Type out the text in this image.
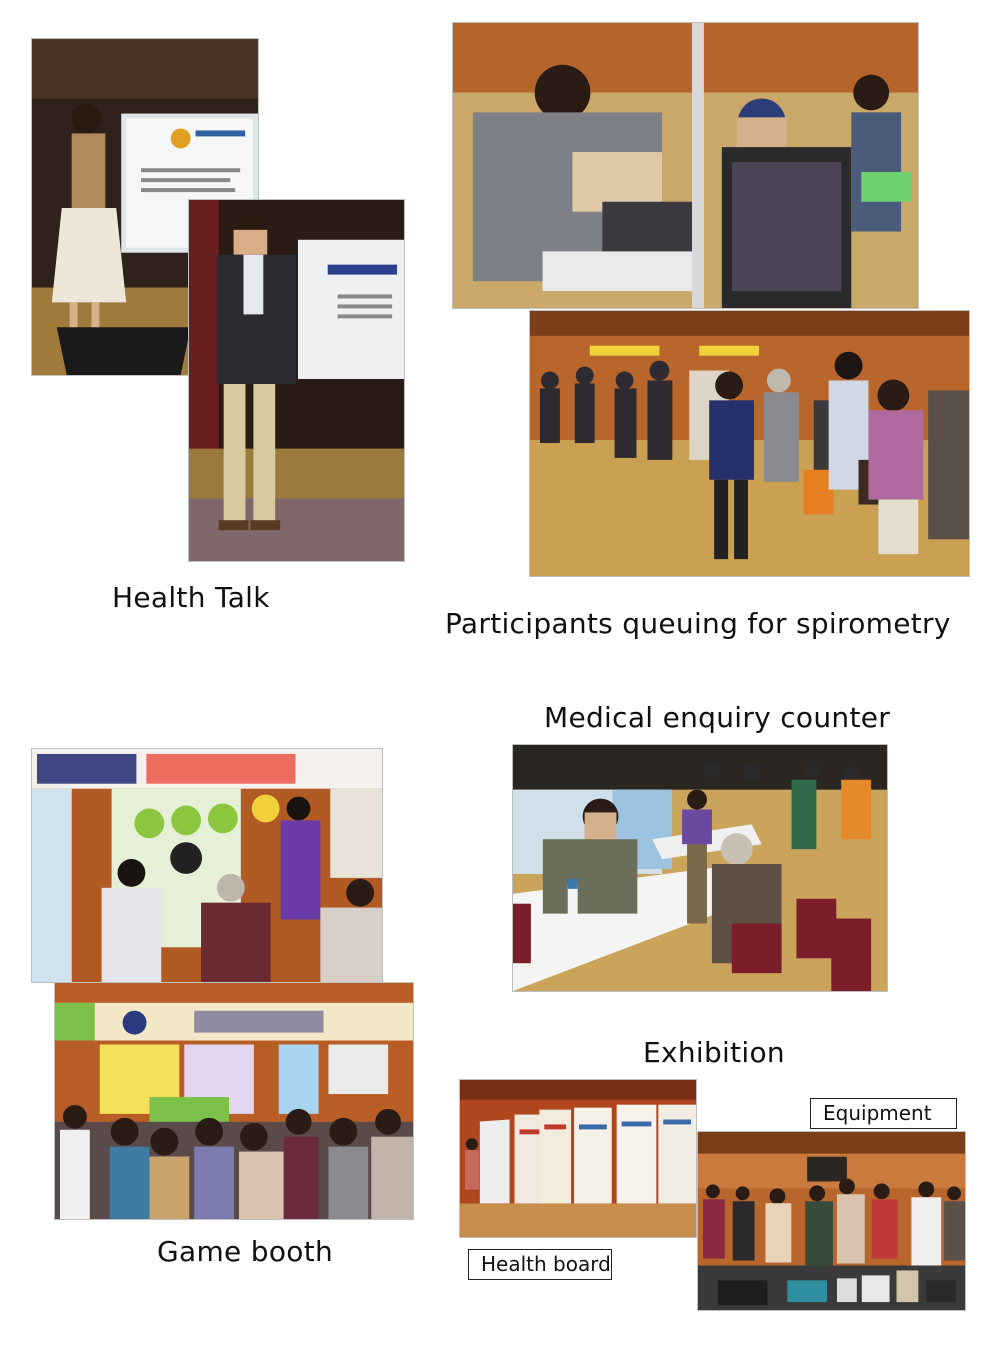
Health Talk
Participants queuing for spirometry
Game booth
Medical enquiry counter
Exhibition
Equipment
Health board
